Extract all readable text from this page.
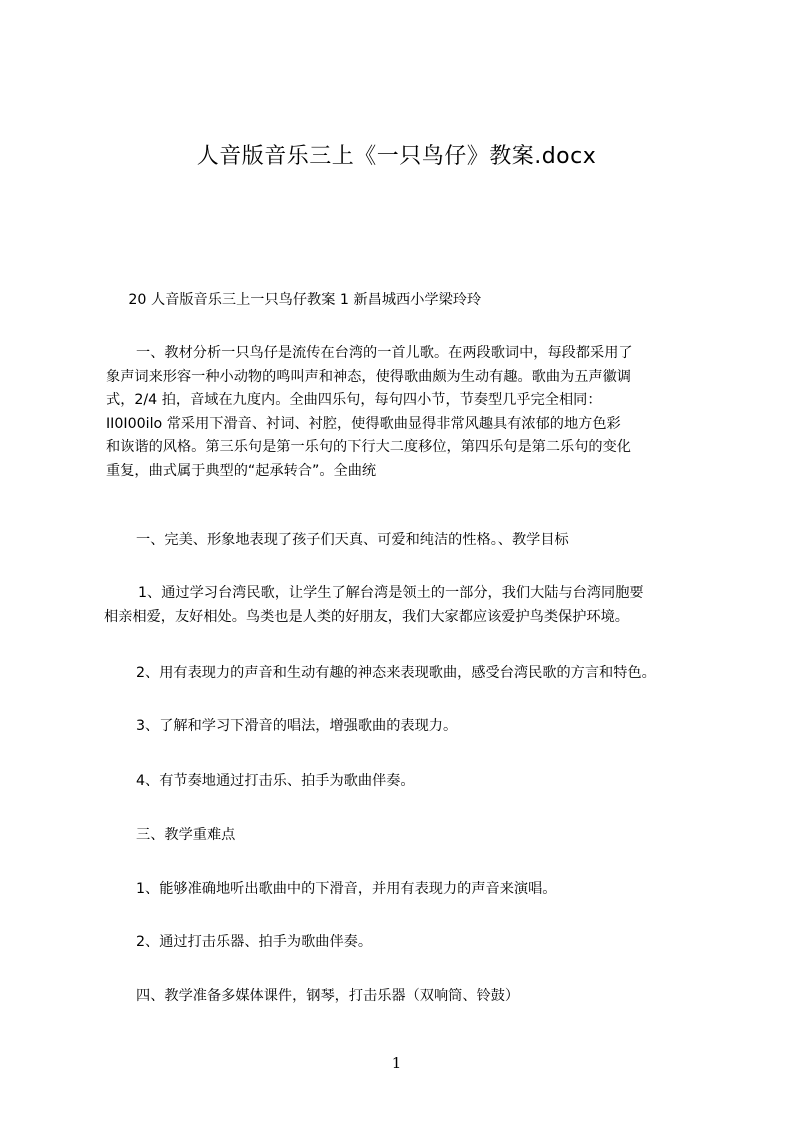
人音版音乐三上《一只鸟仔》教案.docx
20 人音版音乐三上一只鸟仔教案 1 新昌城西小学梁玲玲
一、教材分析一只鸟仔是流传在台湾的一首儿歌。在两段歌词中，每段都采用了
象声词来形容一种小动物的鸣叫声和神态，使得歌曲颇为生动有趣。歌曲为五声徽调
式，2/4 拍，音域在九度内。全曲四乐句，每句四小节，节奏型几乎完全相同：
II0I00ilo 常采用下滑音、衬词、衬腔，使得歌曲显得非常风趣具有浓郁的地方色彩
和诙谐的风格。第三乐句是第一乐句的下行大二度移位，第四乐句是第二乐句的变化
重复，曲式属于典型的“起承转合”。全曲统
一、完美、形象地表现了孩子们天真、可爱和纯洁的性格。、教学目标
1、通过学习台湾民歌，让学生了解台湾是领土的一部分，我们大陆与台湾同胞要
相亲相爱，友好相处。鸟类也是人类的好朋友，我们大家都应该爱护鸟类保护环境。
2、用有表现力的声音和生动有趣的神态来表现歌曲，感受台湾民歌的方言和特色。
3、了解和学习下滑音的唱法，增强歌曲的表现力。
4、有节奏地通过打击乐、拍手为歌曲伴奏。
三、教学重难点
1、能够准确地听出歌曲中的下滑音，并用有表现力的声音来演唱。
2、通过打击乐器、拍手为歌曲伴奏。
四、教学准备多媒体课件，钢琴，打击乐器（双响筒、铃鼓）
1
